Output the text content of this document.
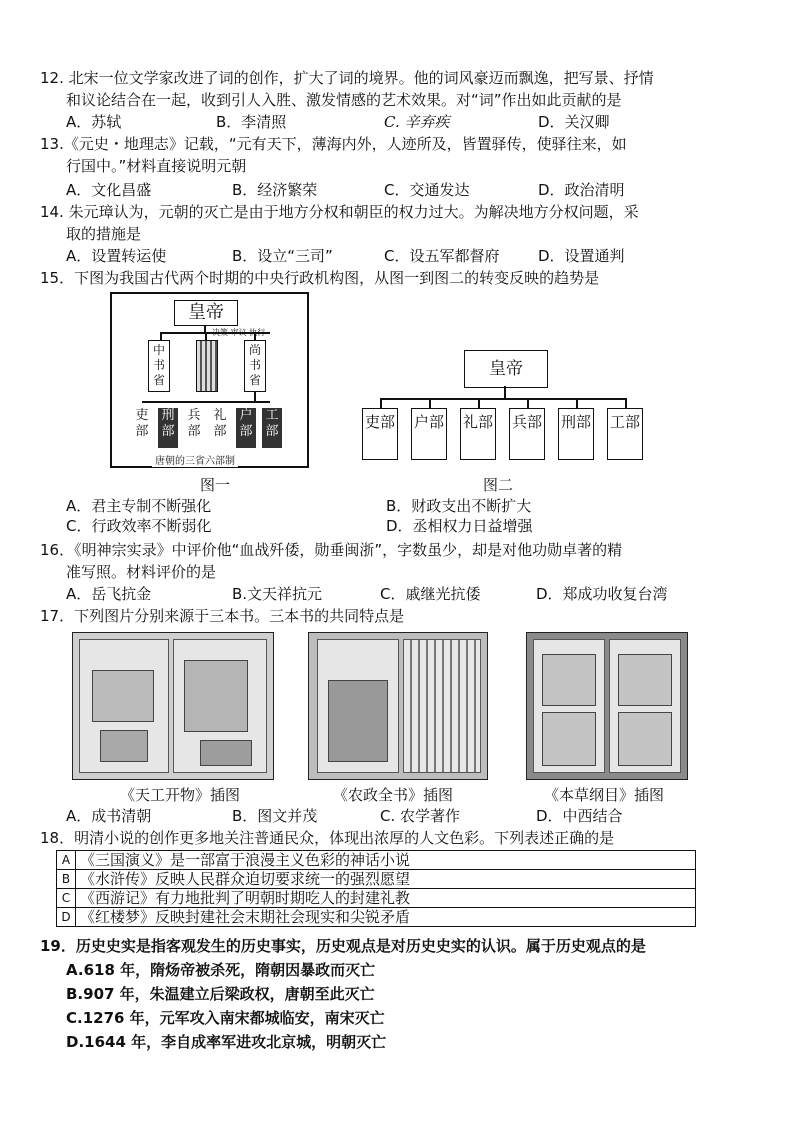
12. 北宋一位文学家改进了词的创作，扩大了词的境界。他的词风豪迈而飘逸，把写景、抒情
和议论结合在一起，收到引人入胜、激发情感的艺术效果。对“词”作出如此贡献的是
A．苏轼	B．李清照	C. 辛弃疾	D．关汉卿
13.《元史・地理志》记载，“元有天下，薄海内外，人迹所及，皆置驿传，使驿往来，如
行国中。”材料直接说明元朝
A．文化昌盛	B．经济繁荣	C．交通发达	D．政治清明
14. 朱元璋认为，元朝的灭亡是由于地方分权和朝臣的权力过大。为解决地方分权问题，采
取的措施是
A．设置转运使	B．设立“三司”	C．设五军都督府	D．设置通判
15．下图为我国古代两个时期的中央行政机构图，从图一到图二的转变反映的趋势是
皇帝
中书省
尚书省
吏部
刑部
兵部
礼部
户部
工部
唐朝的三省六部制
图一
皇帝
吏部 户部 礼部 兵部 刑部 工部
图二
A．君主专制不断强化	B．财政支出不断扩大
C．行政效率不断弱化	D．丞相权力日益增强
16．《明神宗实录》中评价他“血战歼倭，勋垂闽浙”，字数虽少，却是对他功勋卓著的精
准写照。材料评价的是
A．岳飞抗金	B.文天祥抗元	C．戚继光抗倭	D．郑成功收复台湾
17．下列图片分别来源于三本书。三本书的共同特点是
《天工开物》插图	《农政全书》插图	《本草纲目》插图
A．成书清朝	B．图文并茂	C. 农学著作	D．中西结合
18．明清小说的创作更多地关注普通民众，体现出浓厚的人文色彩。下列表述正确的是
A	《三国演义》是一部富于浪漫主义色彩的神话小说
B	《水浒传》反映人民群众迫切要求统一的强烈愿望
C	《西游记》有力地批判了明朝时期吃人的封建礼教
D	《红楼梦》反映封建社会末期社会现实和尖锐矛盾
19．历史史实是指客观发生的历史事实，历史观点是对历史史实的认识。属于历史观点的是
A.618 年，隋炀帝被杀死，隋朝因暴政而灭亡
B.907 年，朱温建立后梁政权，唐朝至此灭亡
C.1276 年，元军攻入南宋都城临安，南宋灭亡
D.1644 年，李自成率军进攻北京城，明朝灭亡
